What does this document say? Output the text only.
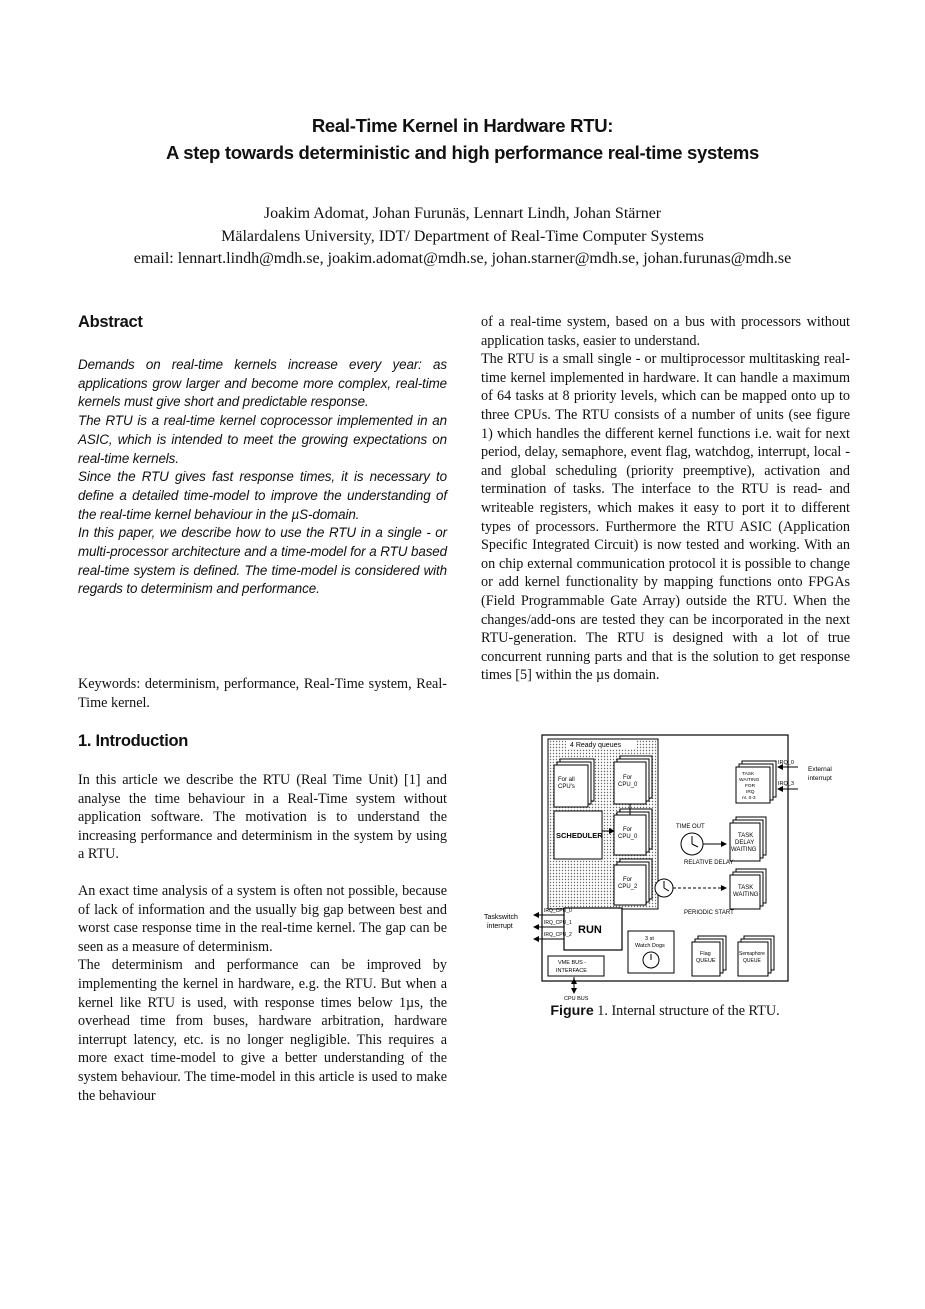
Real-Time Kernel in Hardware RTU:
A step towards deterministic and high performance real-time systems
Joakim Adomat, Johan Furunäs, Lennart Lindh, Johan Stärner
Mälardalens University, IDT/ Department of Real-Time Computer Systems
email: lennart.lindh@mdh.se, joakim.adomat@mdh.se, johan.starner@mdh.se, johan.furunas@mdh.se
Abstract

Demands on real-time kernels increase every year: as applications grow larger and become more complex, real-time kernels must give short and predictable response.

The RTU is a real-time kernel coprocessor implemented in an ASIC, which is intended to meet the growing expectations on real-time kernels.

Since the RTU gives fast response times, it is necessary to define a detailed time-model to improve the understanding of the real-time kernel behaviour in the µS-domain.

In this paper, we describe how to use the RTU in a single - or multi-processor architecture and a time-model for a RTU based real-time system is defined. The time-model is considered with regards to determinism and performance.

Keywords: determinism, performance, Real-Time system, Real-Time kernel.
1. Introduction

In this article we describe the RTU (Real Time Unit) [1] and analyse the time behaviour in a Real-Time system without application software. The motivation is to understand the increasing performance and determinism in the system by using a RTU.

An exact time analysis of a system is often not possible, because of lack of information and the usually big gap between best and worst case response time in the real-time kernel. The gap can be seen as a measure of determinism.

The determinism and performance can be improved by implementing the kernel in hardware, e.g. the RTU. But when a kernel like RTU is used, with response times below 1µs, the overhead time from buses, hardware arbitration, hardware interrupt latency, etc. is no longer negligible. This requires a more exact time-model to give a better understanding of the system behaviour. The time-model in this article is used to make the behaviour

of a real-time system, based on a bus with processors without application tasks, easier to understand.

The RTU is a small single - or multiprocessor multitasking real-time kernel implemented in hardware. It can handle a maximum of 64 tasks at 8 priority levels, which can be mapped onto up to three CPUs. The RTU consists of a number of units (see figure 1) which handles the different kernel functions i.e. wait for next period, delay, semaphore, event flag, watchdog, interrupt, local - and global scheduling (priority preemptive), activation and termination of tasks. The interface to the RTU is read- and writeable registers, which makes it easy to port it to different types of processors. Furthermore the RTU ASIC (Application Specific Integrated Circuit) is now tested and working. With an on chip external communication protocol it is possible to change or add kernel functionality by mapping functions onto FPGAs (Field Programmable Gate Array) outside the RTU. When the changes/add-ons are tested they can be incorporated in the next RTU-generation. The RTU is designed with a lot of true concurrent running parts and that is the solution to get response times [5] within the µs domain.

4 Ready queues
For all
CPU's
For
CPU_0
For
CPU_0
For
CPU_2
SCHEDULER
TASK
WAITING
FOR
IRQ
nr. 0-3
IRQ_0
IRQ_3
External
interrupt
TIME OUT
TASK
DELAY
WAITING
RELATIVE DELAY
TASK
WAITING
PERIODIC START
RUN
IRQ_CPU_0
IRQ_CPU_1
IRQ_CPU_2
Taskswitch
interrupt
3 st
Watch Dogs
Flag
QUEUE
Semaphore
QUEUE
VME BUS -
INTERFACE
CPU BUS
Figure 1. Internal structure of the RTU.
